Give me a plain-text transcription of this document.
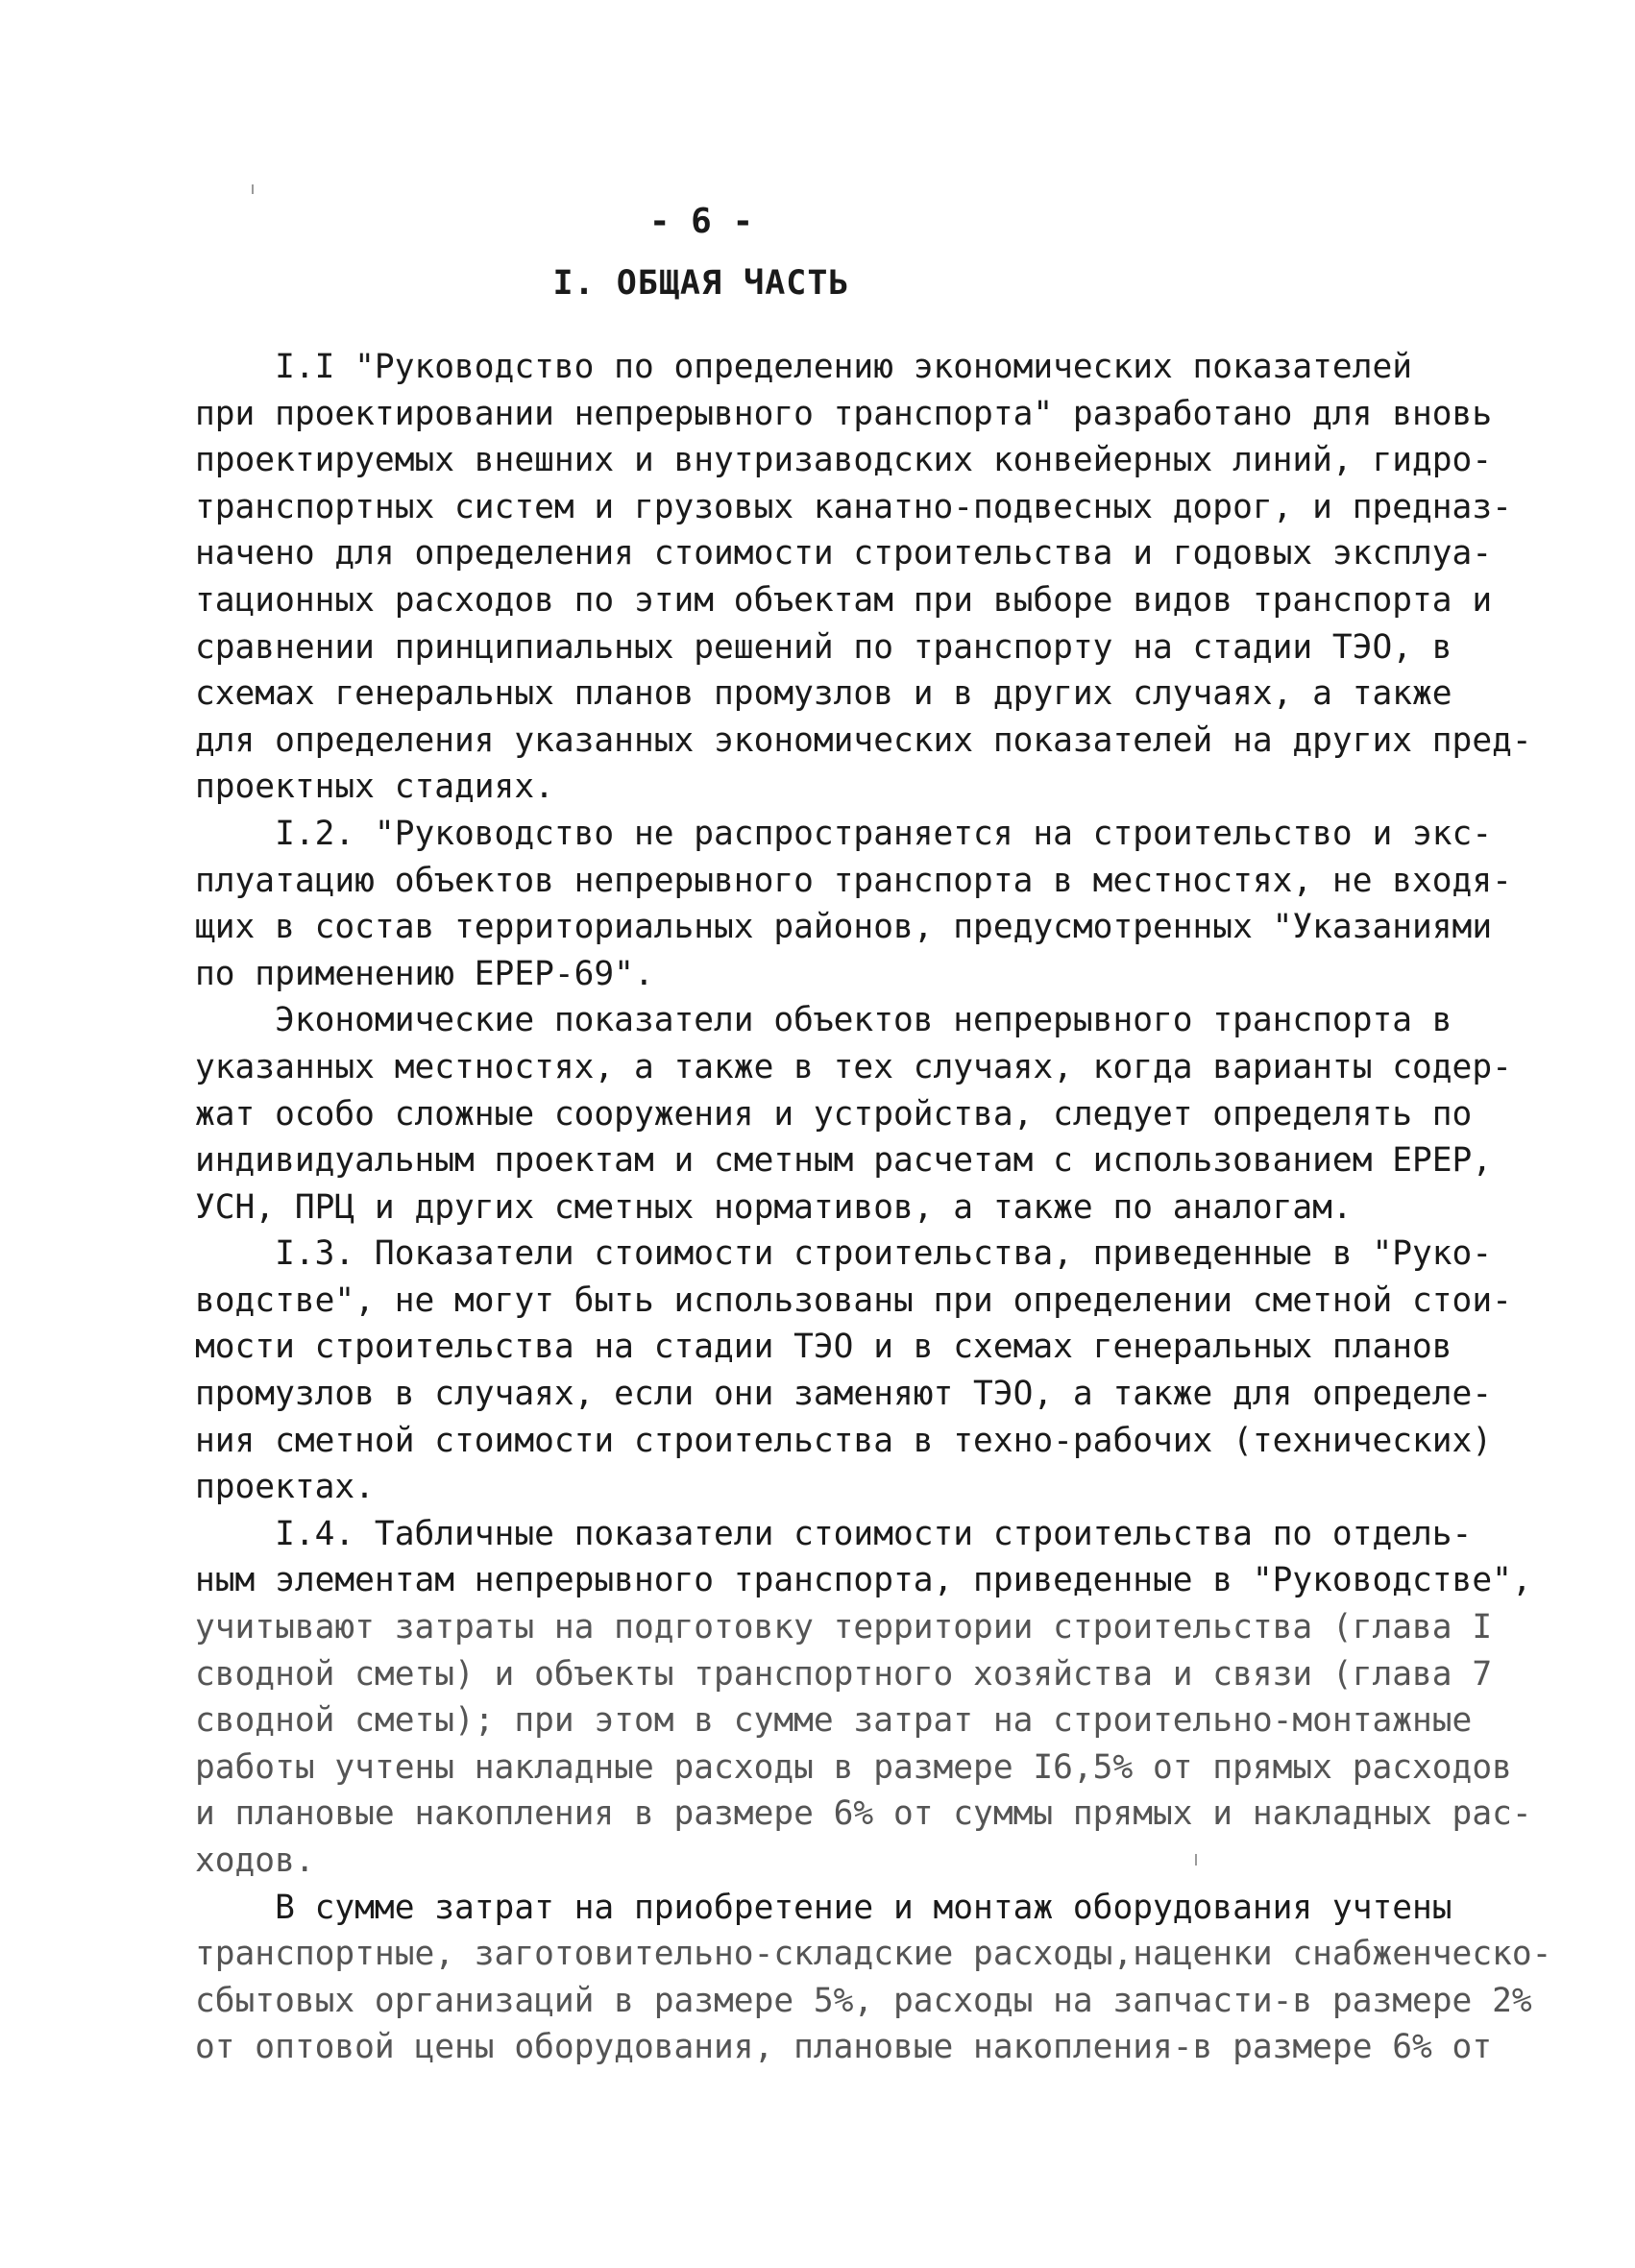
- 6 -
I. ОБЩАЯ ЧАСТЬ
I.I "Руководство по определению экономических показателей
при проектировании непрерывного транспорта" разработано для вновь
проектируемых внешних и внутризаводских конвейерных линий, гидро-
транспортных систем и грузовых канатно-подвесных дорог, и предназ-
начено для определения стоимости строительства и годовых эксплуа-
тационных расходов по этим объектам при выборе видов транспорта и
сравнении принципиальных решений по транспорту на стадии ТЭО, в
схемах генеральных планов промузлов и в других случаях, а также
для определения указанных экономических показателей на других пред-
проектных стадиях.
I.2. "Руководство не распространяется на строительство и экс-
плуатацию объектов непрерывного транспорта в местностях, не входя-
щих в состав территориальных районов, предусмотренных "Указаниями
по применению ЕРЕР-69".
Экономические показатели объектов непрерывного транспорта в
указанных местностях, а также в тех случаях, когда варианты содер-
жат особо сложные сооружения и устройства, следует определять по
индивидуальным проектам и сметным расчетам с использованием ЕРЕР,
УСН, ПРЦ и других сметных нормативов, а также по аналогам.
I.3. Показатели стоимости строительства, приведенные в "Руко-
водстве", не могут быть использованы при определении сметной стои-
мости строительства на стадии ТЭО и в схемах генеральных планов
промузлов в случаях, если они заменяют ТЭО, а также для определе-
ния сметной стоимости строительства в техно-рабочих (технических)
проектах.
I.4. Табличные показатели стоимости строительства по отдель-
ным элементам непрерывного транспорта, приведенные в "Руководстве",
учитывают затраты на подготовку территории строительства (глава I
сводной сметы) и объекты транспортного хозяйства и связи (глава 7
сводной сметы); при этом в сумме затрат на строительно-монтажные
работы учтены накладные расходы в размере I6,5% от прямых расходов
и плановые накопления в размере 6% от суммы прямых и накладных рас-
ходов.
В сумме затрат на приобретение и монтаж оборудования учтены
транспортные, заготовительно-складские расходы,наценки снабженческо-
сбытовых организаций в размере 5%, расходы на запчасти-в размере 2%
от оптовой цены оборудования, плановые накопления-в размере 6% от
